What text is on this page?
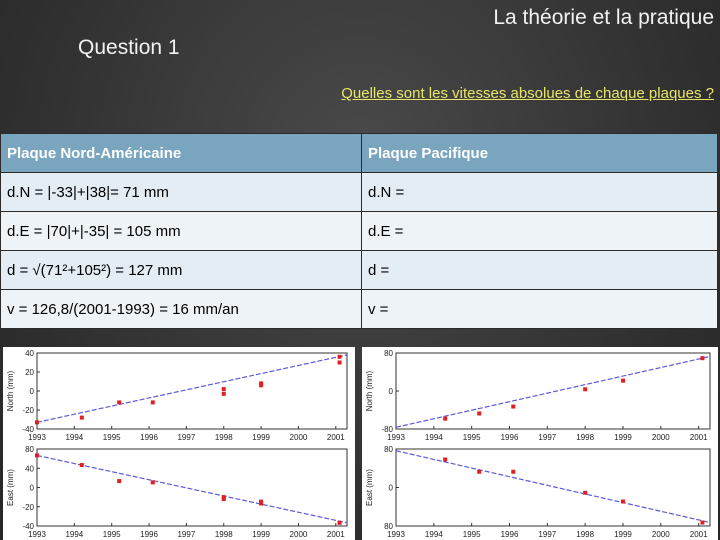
La théorie et la pratique
Question 1
Quelles sont les vitesses absolues de chaque plaques ?
Plaque Nord-Américaine	Plaque Pacifique
d.N = |-33|+|38|= 71 mm	d.N =
d.E = |70|+|-35| = 105 mm	d.E =
d = √(71²+105²) = 127 mm	d =
v = 126,8/(2001-1993) = 16 mm/an	v =
1993 1994 1995 1996 1997 1998 1999 2000 2001
40
20
0
-20
-40
North (mm)
1993 1994 1995 1996 1997 1998 1999 2000 2001
80
40
0
-20
-40
East (mm)
1993	1994	1995	1996	1997	1998	1999	2000	2001
80
0
-80
North (mm)
1993	1994	1995	1996	1997	1998	1999	2000	2001
80
0
80
East (mm)
